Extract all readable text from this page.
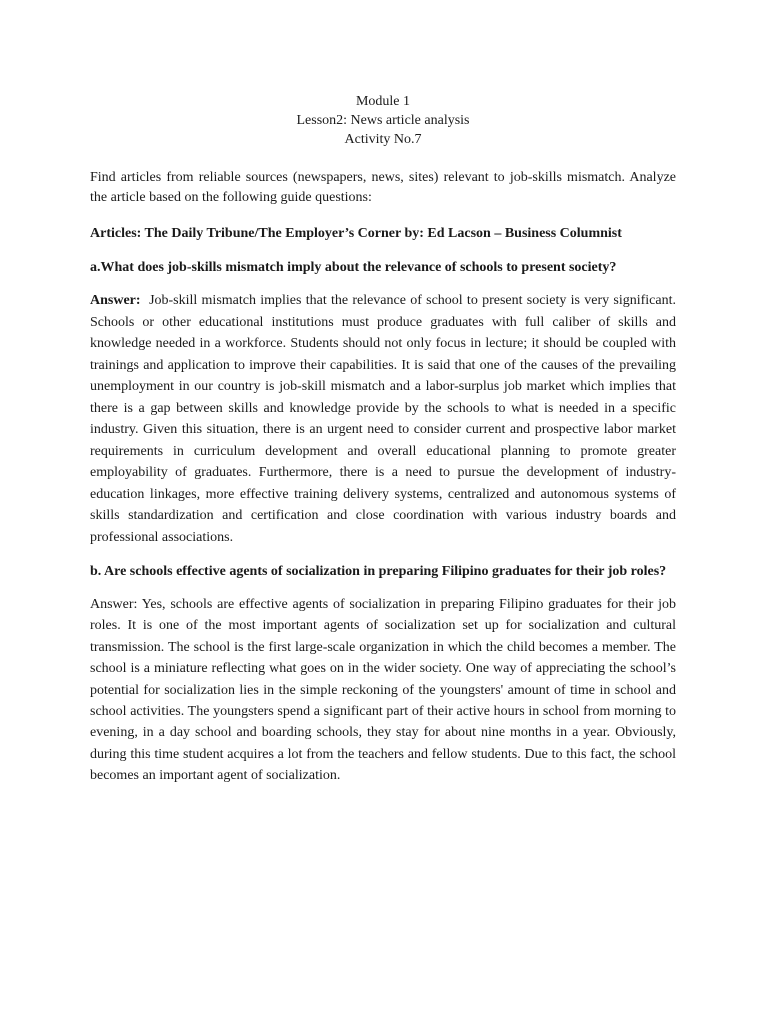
Module 1
Lesson2: News article analysis
Activity No.7

Find articles from reliable sources (newspapers, news, sites) relevant to job-skills mismatch. Analyze the article based on the following guide questions:

Articles: The Daily Tribune/The Employer’s Corner by: Ed Lacson – Business Columnist

a.What does job-skills mismatch imply about the relevance of schools to present society?

Answer: Job-skill mismatch implies that the relevance of school to present society is very significant. Schools or other educational institutions must produce graduates with full caliber of skills and knowledge needed in a workforce. Students should not only focus in lecture; it should be coupled with trainings and application to improve their capabilities. It is said that one of the causes of the prevailing unemployment in our country is job-skill mismatch and a labor-surplus job market which implies that there is a gap between skills and knowledge provide by the schools to what is needed in a specific industry. Given this situation, there is an urgent need to consider current and prospective labor market requirements in curriculum development and overall educational planning to promote greater employability of graduates. Furthermore, there is a need to pursue the development of industry-education linkages, more effective training delivery systems, centralized and autonomous systems of skills standardization and certification and close coordination with various industry boards and professional associations.

b. Are schools effective agents of socialization in preparing Filipino graduates for their job roles?

Answer: Yes, schools are effective agents of socialization in preparing Filipino graduates for their job roles. It is one of the most important agents of socialization set up for socialization and cultural transmission. The school is the first large-scale organization in which the child becomes a member. The school is a miniature reflecting what goes on in the wider society. One way of appreciating the school’s potential for socialization lies in the simple reckoning of the youngsters' amount of time in school and school activities. The youngsters spend a significant part of their active hours in school from morning to evening, in a day school and boarding schools, they stay for about nine months in a year. Obviously, during this time student acquires a lot from the teachers and fellow students. Due to this fact, the school becomes an important agent of socialization.
